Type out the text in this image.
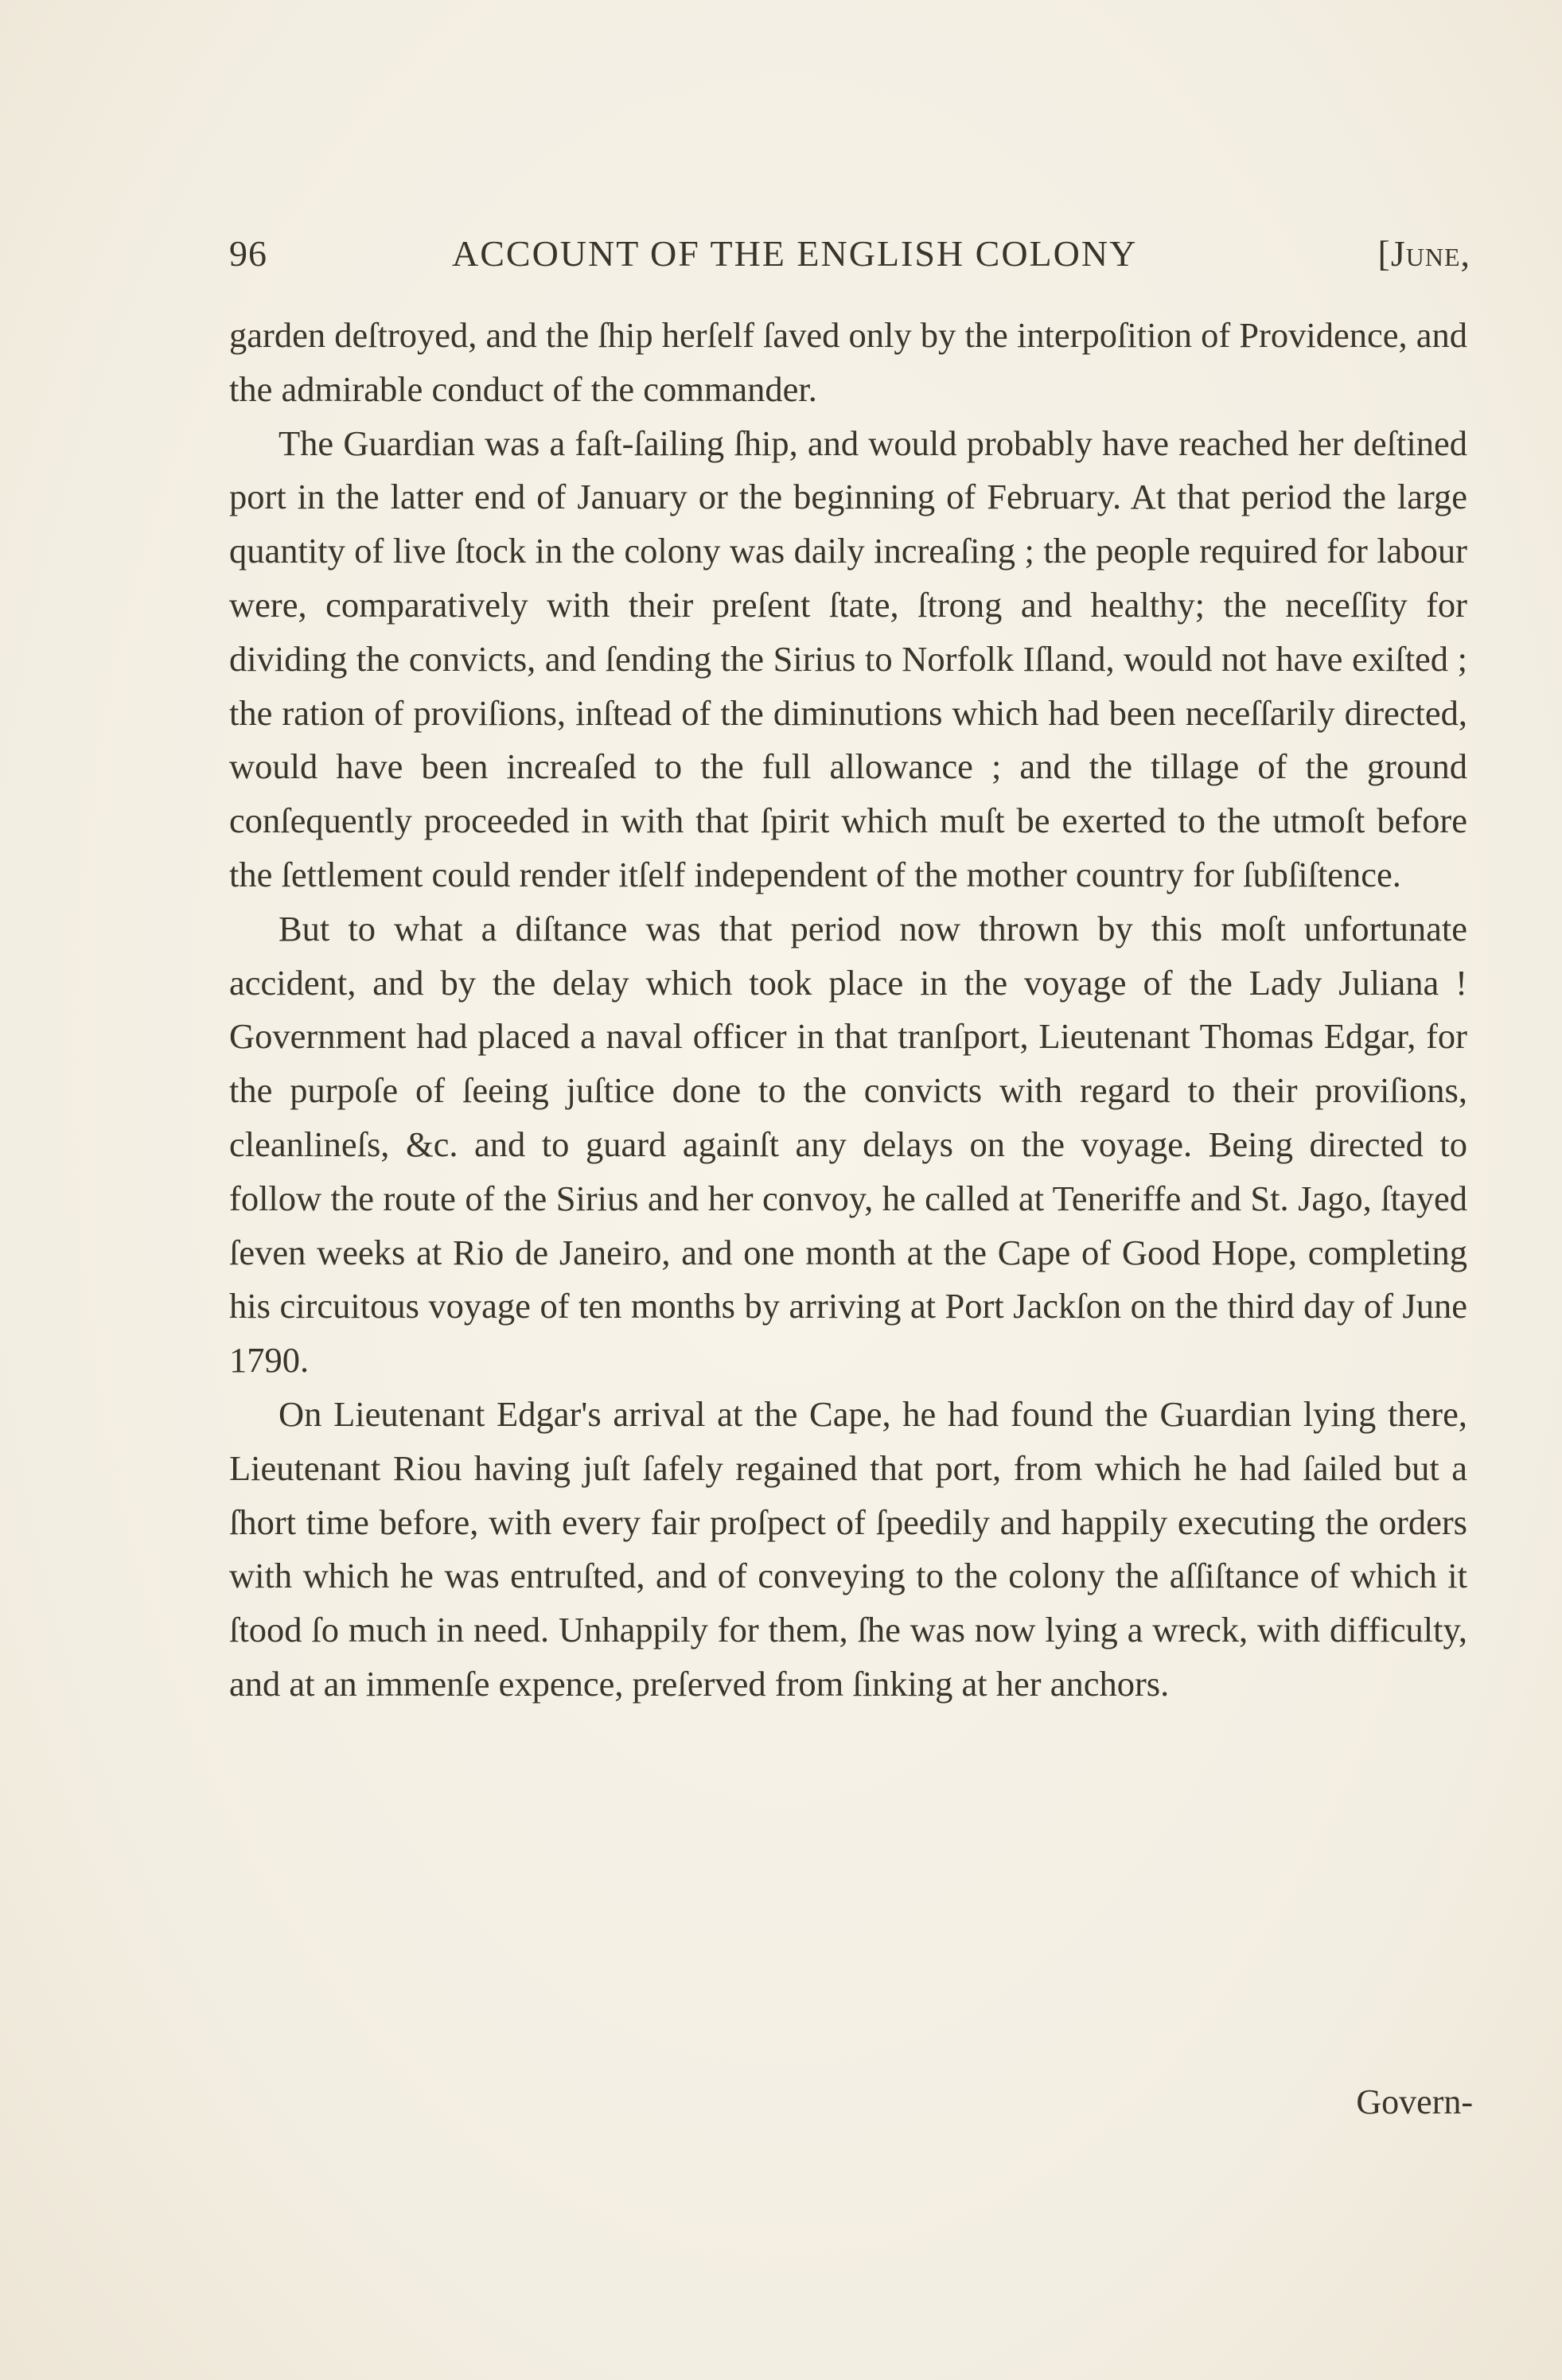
96	ACCOUNT OF THE ENGLISH COLONY	[June,

garden deſtroyed, and the ſhip herſelf ſaved only by the interpoſition of Providence, and the admirable conduct of the commander.

The Guardian was a faſt-ſailing ſhip, and would probably have reached her deſtined port in the latter end of January or the beginning of February. At that period the large quantity of live ſtock in the colony was daily increaſing ; the people required for labour were, comparatively with their preſent ſtate, ſtrong and healthy; the neceſſity for dividing the convicts, and ſending the Sirius to Norfolk Iſland, would not have exiſted ; the ration of proviſions, inſtead of the diminutions which had been neceſſarily directed, would have been increaſed to the full allowance ; and the tillage of the ground conſequently proceeded in with that ſpirit which muſt be exerted to the utmoſt before the ſettlement could render itſelf independent of the mother country for ſubſiſtence.

But to what a diſtance was that period now thrown by this moſt unfortunate accident, and by the delay which took place in the voyage of the Lady Juliana ! Government had placed a naval officer in that tranſport, Lieutenant Thomas Edgar, for the purpoſe of ſeeing juſtice done to the convicts with regard to their proviſions, cleanlineſs, &c. and to guard againſt any delays on the voyage. Being directed to follow the route of the Sirius and her convoy, he called at Teneriffe and St. Jago, ſtayed ſeven weeks at Rio de Janeiro, and one month at the Cape of Good Hope, completing his circuitous voyage of ten months by arriving at Port Jackſon on the third day of June 1790.

On Lieutenant Edgar's arrival at the Cape, he had found the Guardian lying there, Lieutenant Riou having juſt ſafely regained that port, from which he had ſailed but a ſhort time before, with every fair proſpect of ſpeedily and happily executing the orders with which he was entruſted, and of conveying to the colony the aſſiſtance of which it ſtood ſo much in need. Unhappily for them, ſhe was now lying a wreck, with difficulty, and at an immenſe expence, preſerved from ſinking at her anchors.

Govern-
